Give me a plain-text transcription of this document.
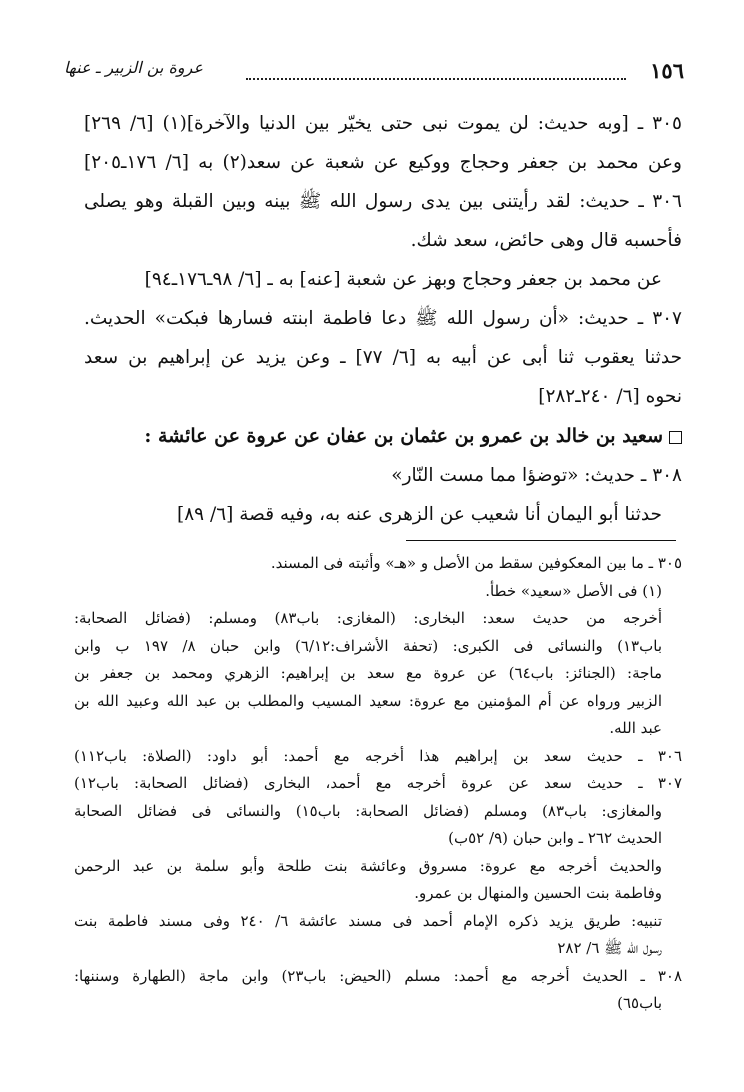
١٥٦
عروة بن الزبير ـ عنها
٣٠٥ ـ [وبه حديث: لن يموت نبى حتى يخيّر بين الدنيا والآخرة](١) [٦/ ٢٦٩]
وعن محمد بن جعفر وحجاج ووكيع عن شعبة عن سعد(٢) به [٦/ ١٧٦ـ٢٠٥]
٣٠٦ ـ حديث: لقد رأيتنى بين يدى رسول الله ﷺ بينه وبين القبلة وهو يصلى
فأحسبه قال وهى حائض، سعد شك.
عن محمد بن جعفر وحجاج وبهز عن شعبة [عنه] به ـ [٦/ ٩٨ـ١٧٦ـ٩٤]
٣٠٧ ـ حديث: «أن رسول الله ﷺ دعا فاطمة ابنته فسارها فبكت» الحديث.
حدثنا يعقوب ثنا أبى عن أبيه به [٦/ ٧٧] ـ وعن يزيد عن إبراهيم بن سعد
نحوه [٦/ ٢٤٠ـ٢٨٢]
سعيد بن خالد بن عمرو بن عثمان بن عفان عن عروة عن عائشة :
٣٠٨ ـ حديث: «توضؤا مما مست النّار»
حدثنا أبو اليمان أنا شعيب عن الزهرى عنه به، وفيه قصة [٦/ ٨٩]
٣٠٥ ـ ما بين المعكوفين سقط من الأصل و «هـ» وأثبته فى المسند.
(١) فى الأصل «سعيد» خطأ.
أخرجه من حديث سعد: البخارى: (المغازى: باب٨٣) ومسلم: (فضائل الصحابة:
باب١٣) والنسائى فى الكبرى: (تحفة الأشراف:٦/١٢) وابن حبان ٨/ ١٩٧ ب وابن
ماجة: (الجنائز: باب٦٤) عن عروة مع سعد بن إبراهيم: الزهري ومحمد بن جعفر بن
الزبير ورواه عن أم المؤمنين مع عروة: سعيد المسيب والمطلب بن عبد الله وعبيد الله بن
عبد الله.
٣٠٦ ـ حديث سعد بن إبراهيم هذا أخرجه مع أحمد: أبو داود: (الصلاة: باب١١٢)
٣٠٧ ـ حديث سعد عن عروة أخرجه مع أحمد، البخارى (فضائل الصحابة: باب١٢)
والمغازى: باب٨٣) ومسلم (فضائل الصحابة: باب١٥) والنسائى فى فضائل الصحابة
الحديث ٢٦٢ ـ وابن حبان (٩/ ٥٢ب)
والحديث أخرجه مع عروة: مسروق وعائشة بنت طلحة وأبو سلمة بن عبد الرحمن
وفاطمة بنت الحسين والمنهال بن عمرو.
تنبيه: طريق يزيد ذكره الإمام أحمد فى مسند عائشة ٦/ ٢٤٠ وفى مسند فاطمة بنت
رسول الله ﷺ ٦/ ٢٨٢
٣٠٨ ـ الحديث أخرجه مع أحمد: مسلم (الحيض: باب٢٣) وابن ماجة (الطهارة وسننها:
باب٦٥)
